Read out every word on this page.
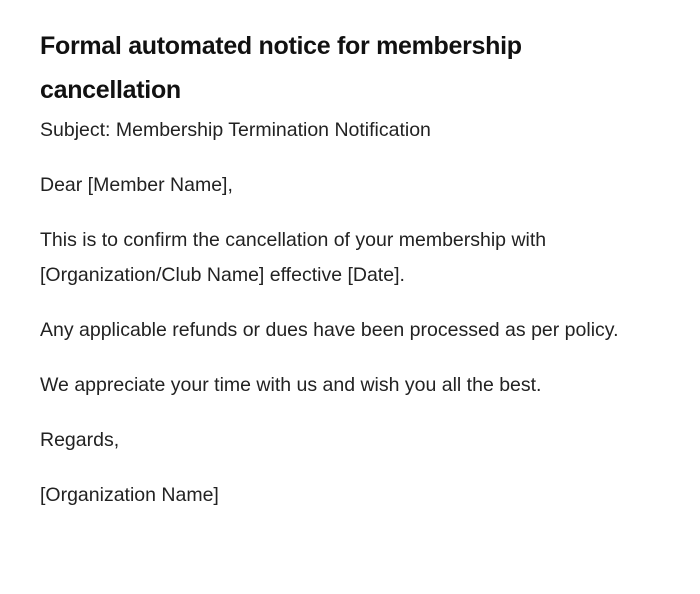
Formal automated notice for membership cancellation

Subject: Membership Termination Notification

Dear [Member Name],

This is to confirm the cancellation of your membership with [Organization/Club Name] effective [Date].

Any applicable refunds or dues have been processed as per policy.

We appreciate your time with us and wish you all the best.

Regards,

[Organization Name]
